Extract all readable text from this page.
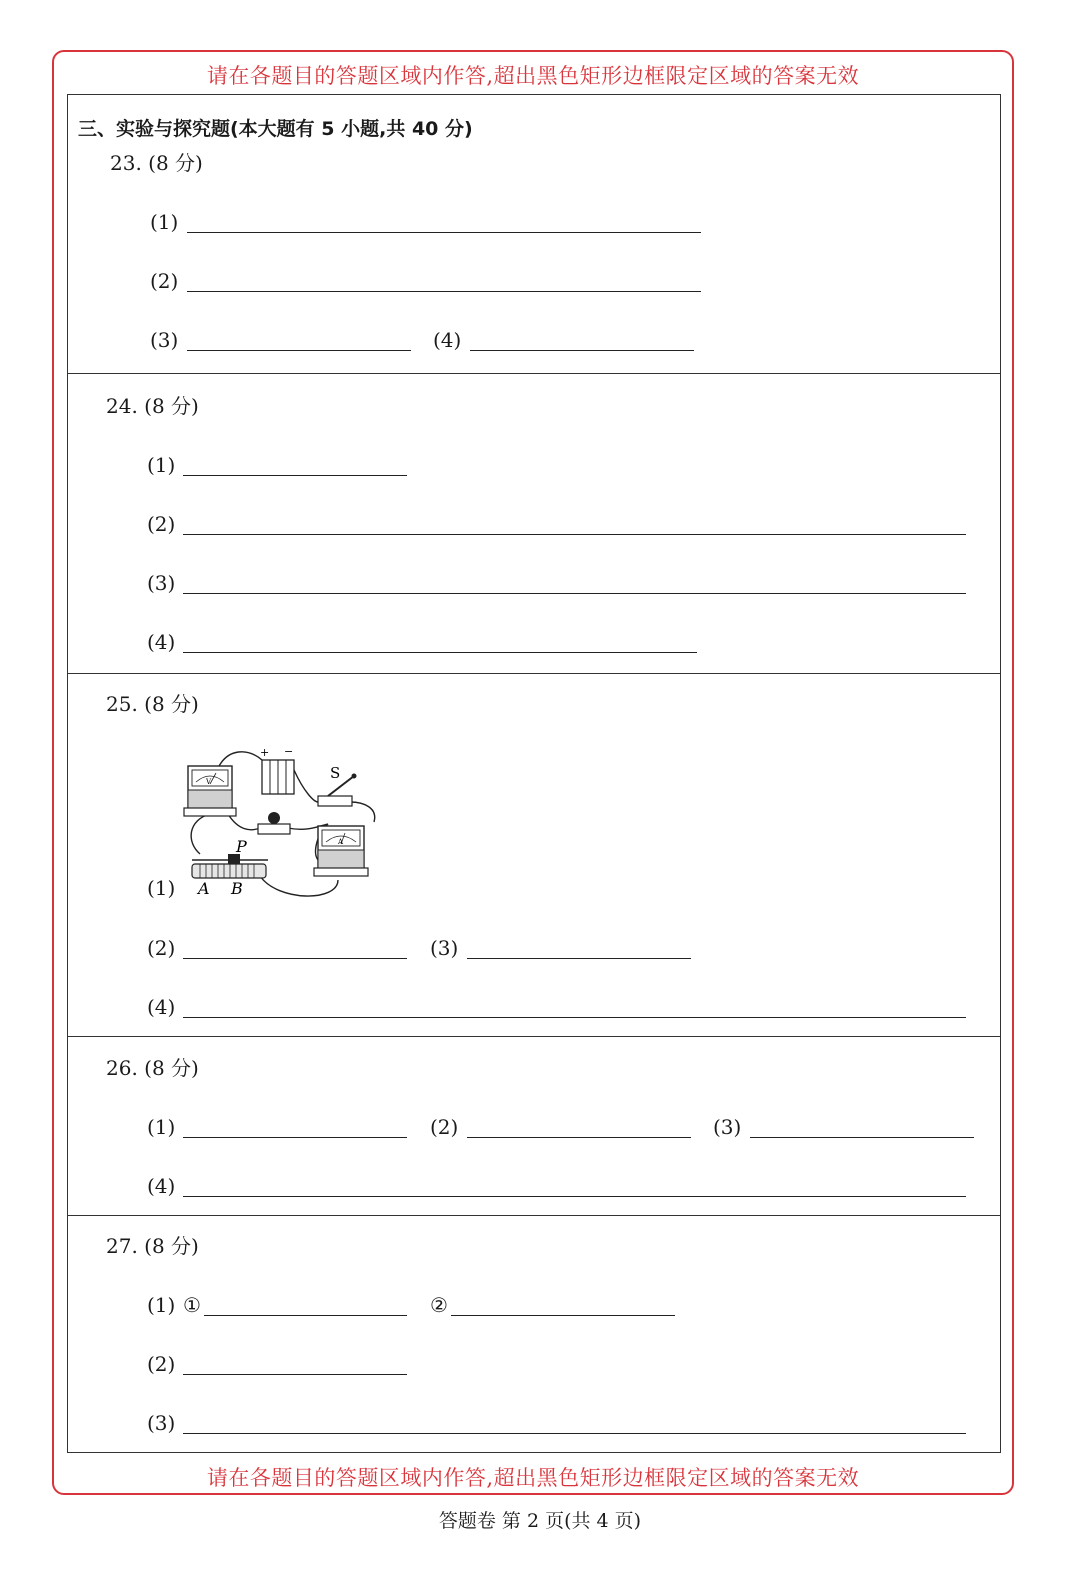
请在各题目的答题区域内作答,超出黑色矩形边框限定区域的答案无效
请在各题目的答题区域内作答,超出黑色矩形边框限定区域的答案无效
三、实验与探究题(本大题有 5 小题,共 40 分)
23. (8 分)
(1)
(2)
(3)	(4)
24. (8 分)
(1)
(2)
(3)
(4)
25. (8 分)
V
+ −
S
A
P
A B
(1)
(2)	(3)
(4)
26. (8 分)
(1)	(2)	(3)
(4)
27. (8 分)
(1) ①	②
(2)
(3)
答题卷 第 2 页(共 4 页)
